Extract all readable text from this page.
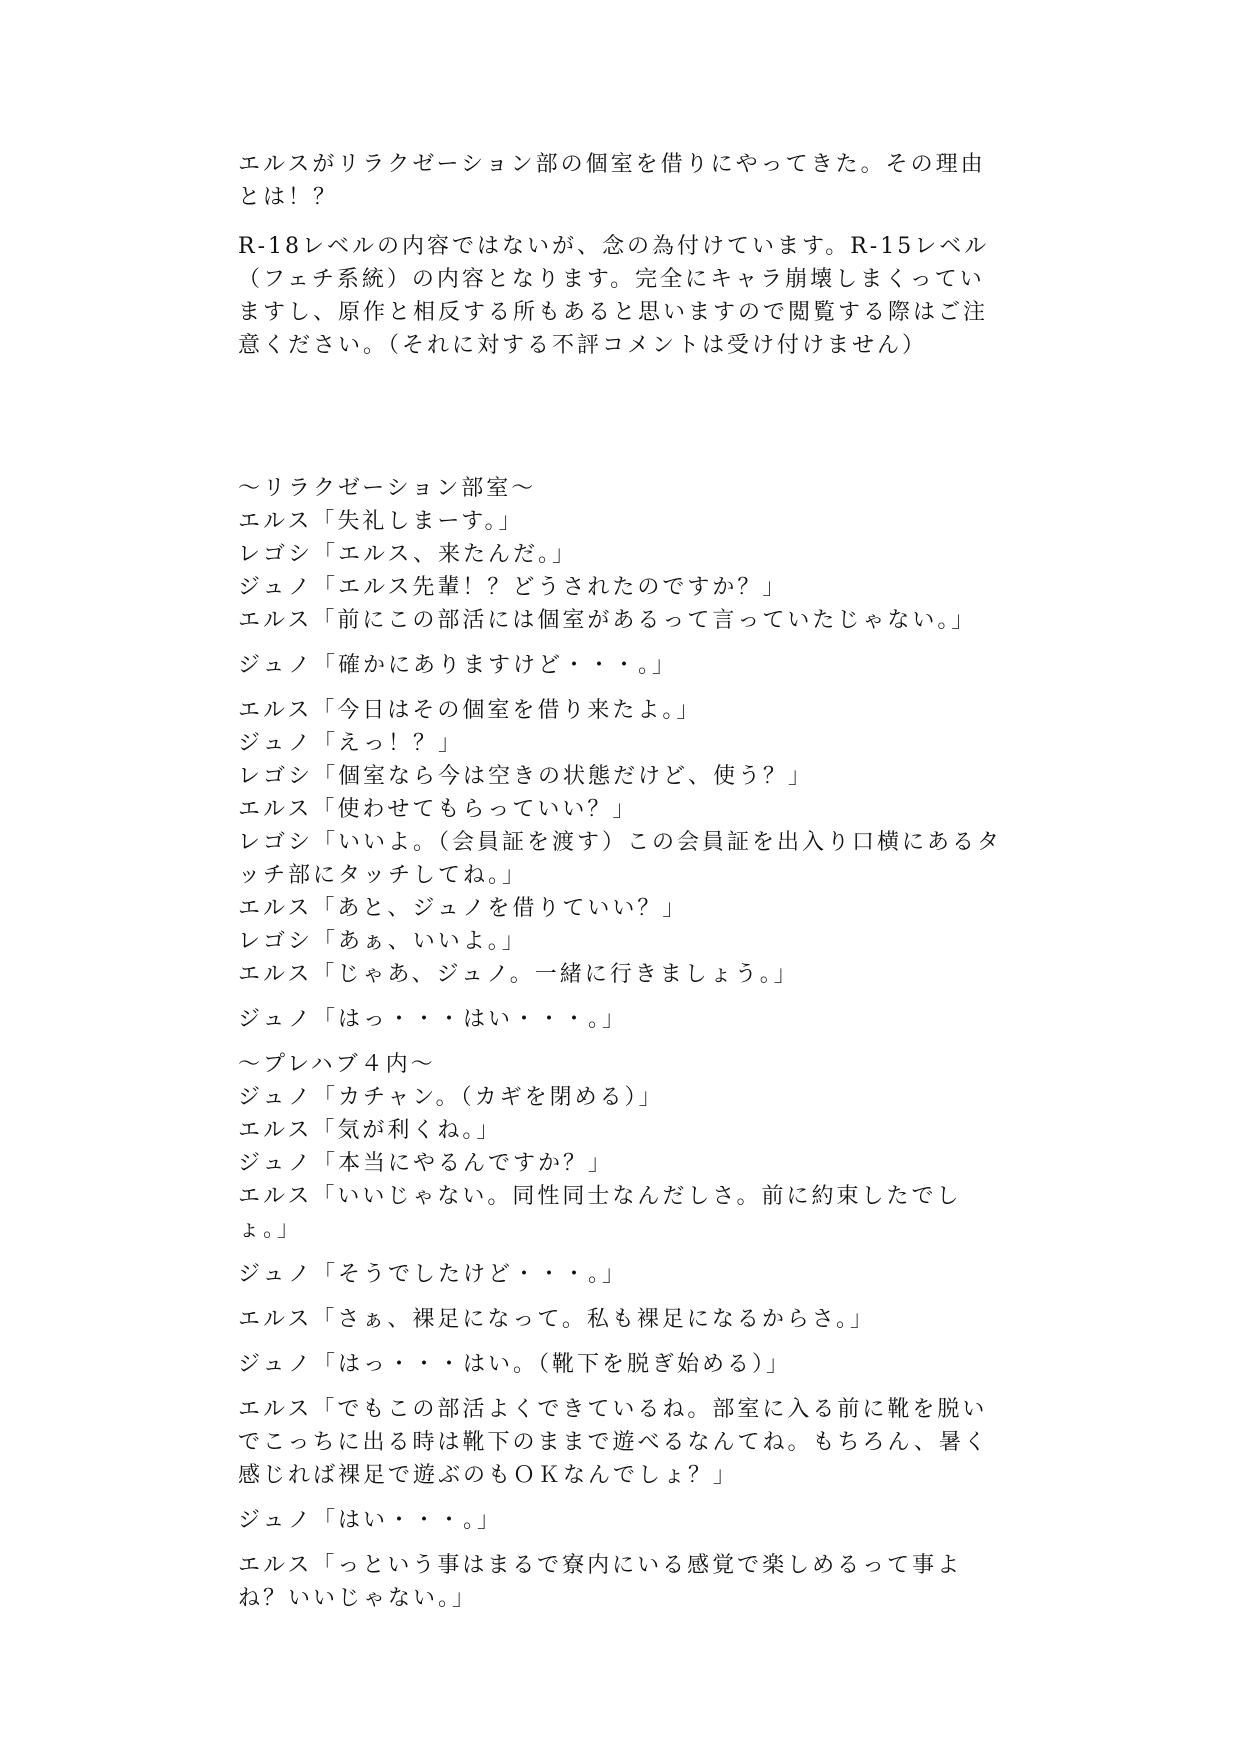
エルスがリラクゼーション部の個室を借りにやってきた。その理由とは！？

R-18レベルの内容ではないが、念の為付けています。R-15レベル（フェチ系統）の内容となります。完全にキャラ崩壊しまくっていますし、原作と相反する所もあると思いますので閲覧する際はご注意ください。（それに対する不評コメントは受け付けません）

～リラクゼーション部室～

エルス「失礼しまーす。」

レゴシ「エルス、来たんだ。」

ジュノ「エルス先輩！？どうされたのですか？」

エルス「前にこの部活には個室があるって言っていたじゃない。」

ジュノ「確かにありますけど・・・。」

エルス「今日はその個室を借り来たよ。」

ジュノ「えっ！？」

レゴシ「個室なら今は空きの状態だけど、使う？」

エルス「使わせてもらっていい？」

レゴシ「いいよ。（会員証を渡す）この会員証を出入り口横にあるタッチ部にタッチしてね。」

エルス「あと、ジュノを借りていい？」

レゴシ「あぁ、いいよ。」

エルス「じゃあ、ジュノ。一緒に行きましょう。」

ジュノ「はっ・・・はい・・・。」

～プレハブ４内～

ジュノ「カチャン。（カギを閉める）」

エルス「気が利くね。」

ジュノ「本当にやるんですか？」

エルス「いいじゃない。同性同士なんだしさ。前に約束したでしょ。」

ジュノ「そうでしたけど・・・。」

エルス「さぁ、裸足になって。私も裸足になるからさ。」

ジュノ「はっ・・・はい。（靴下を脱ぎ始める）」

エルス「でもこの部活よくできているね。部室に入る前に靴を脱いでこっちに出る時は靴下のままで遊べるなんてね。もちろん、暑く感じれば裸足で遊ぶのもＯＫなんでしょ？」

ジュノ「はい・・・。」

エルス「っという事はまるで寮内にいる感覚で楽しめるって事よね？いいじゃない。」
